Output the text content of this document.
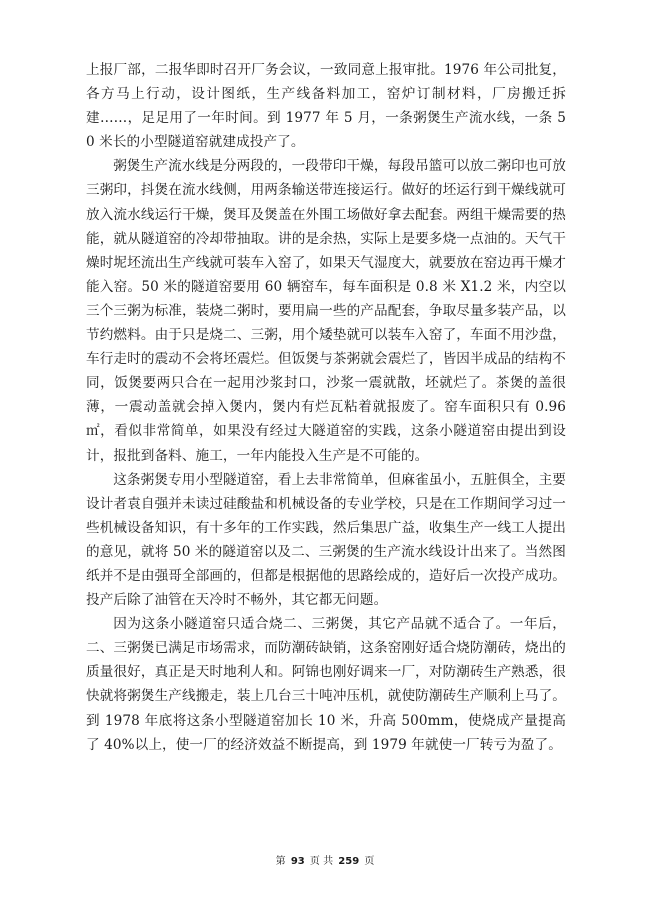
上报厂部，二报华即时召开厂务会议，一致同意上报审批。1976 年公司批复，各方马上行动，设计图纸，生产线备料加工，窑炉订制材料，厂房搬迁拆建……，足足用了一年时间。到 1977 年 5 月，一条粥煲生产流水线，一条 50 米长的小型隧道窑就建成投产了。

粥煲生产流水线是分两段的，一段带印干燥，每段吊篮可以放二粥印也可放三粥印，抖煲在流水线侧，用两条输送带连接运行。做好的坯运行到干燥线就可放入流水线运行干燥，煲耳及煲盖在外围工场做好拿去配套。两组干燥需要的热能，就从隧道窑的冷却带抽取。讲的是余热，实际上是要多烧一点油的。天气干燥时坭坯流出生产线就可装车入窑了，如果天气湿度大，就要放在窑边再干燥才能入窑。50 米的隧道窑要用 60 辆窑车，每车面积是 0.8 米 X1.2 米，内空以三个三粥为标准，装烧二粥时，要用扁一些的产品配套，争取尽量多装产品，以节约燃料。由于只是烧二、三粥，用个矮垫就可以装车入窑了，车面不用沙盘，车行走时的震动不会将坯震烂。但饭煲与茶粥就会震烂了，皆因半成品的结构不同，饭煲要两只合在一起用沙浆封口，沙浆一震就散，坯就烂了。茶煲的盖很薄，一震动盖就会掉入煲内，煲内有烂瓦粘着就报废了。窑车面积只有 0.96 ㎡，看似非常简单，如果没有经过大隧道窑的实践，这条小隧道窑由提出到设计，报批到备料、施工，一年内能投入生产是不可能的。

这条粥煲专用小型隧道窑，看上去非常简单，但麻雀虽小，五脏俱全，主要设计者袁自强并未读过硅酸盐和机械设备的专业学校，只是在工作期间学习过一些机械设备知识，有十多年的工作实践，然后集思广益，收集生产一线工人提出的意见，就将 50 米的隧道窑以及二、三粥煲的生产流水线设计出来了。当然图纸并不是由强哥全部画的，但都是根据他的思路绘成的，造好后一次投产成功。投产后除了油管在天冷时不畅外，其它都无问题。

因为这条小隧道窑只适合烧二、三粥煲，其它产品就不适合了。一年后，二、三粥煲已满足市场需求，而防潮砖缺销，这条窑刚好适合烧防潮砖，烧出的质量很好，真正是天时地利人和。阿锦也刚好调来一厂，对防潮砖生产熟悉，很快就将粥煲生产线搬走，装上几台三十吨冲压机，就使防潮砖生产顺利上马了。到 1978 年底将这条小型隧道窑加长 10 米，升高 500mm，使烧成产量提高了 40%以上，使一厂的经济效益不断提高，到 1979 年就使一厂转亏为盈了。

第 93 页 共 259 页
